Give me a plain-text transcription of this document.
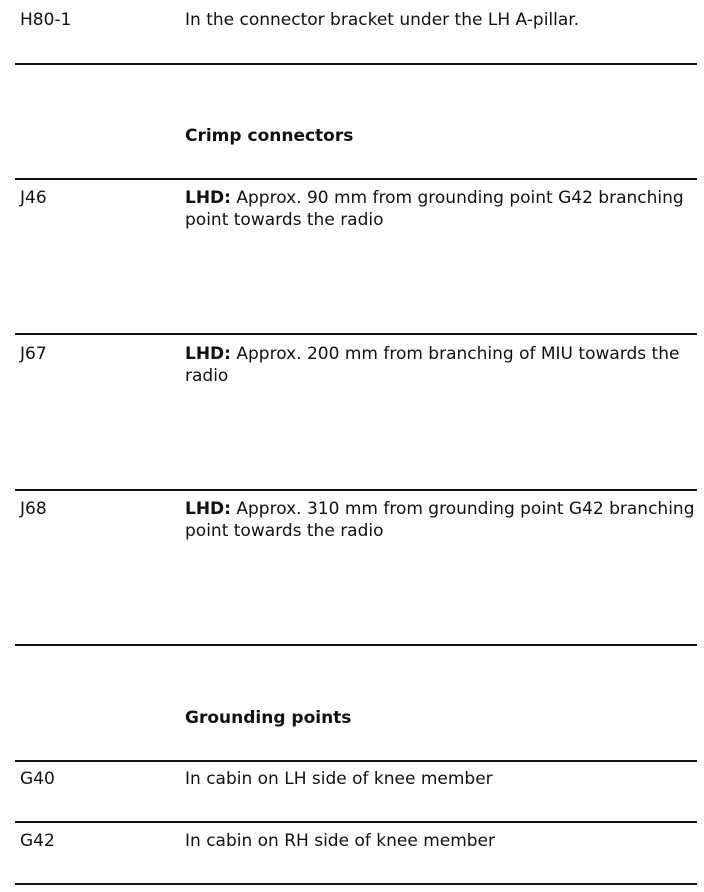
H80-1	In the connector bracket under the LH A-pillar.
Crimp connectors
J46	LHD: Approx. 90 mm from grounding point G42 branching point towards the radio
J67	LHD: Approx. 200 mm from branching of MIU towards the radio
J68	LHD: Approx. 310 mm from grounding point G42 branching point towards the radio
Grounding points
G40	In cabin on LH side of knee member
G42	In cabin on RH side of knee member
